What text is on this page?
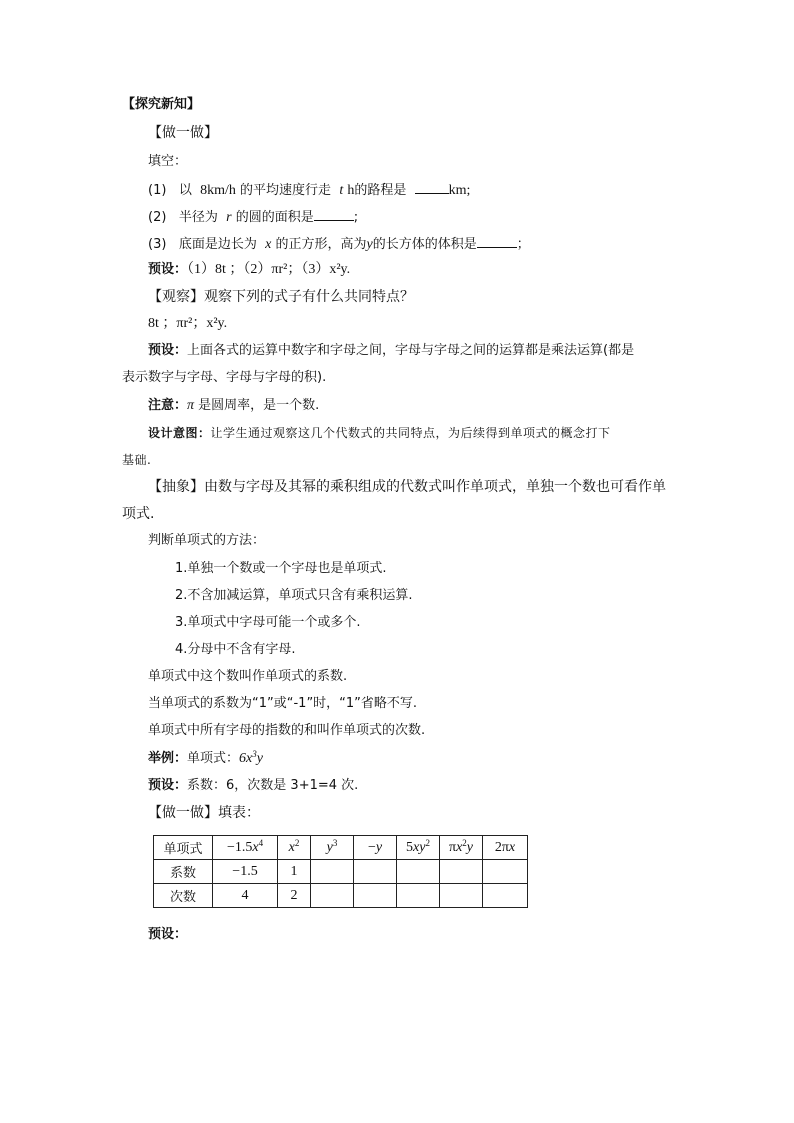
【探究新知】
【做一做】
填空：
(1) 以 8km/h 的平均速度行走 t h的路程是	km;
(2) 半径为 r 的圆的面积是	;
(3) 底面是边长为 x 的正方形，高为y的长方体的体积是	；
预设：（1）8t ；（2）πr²；（3）x²y.
【观察】观察下列的式子有什么共同特点？
8t ；πr²；x²y.
预设：上面各式的运算中数字和字母之间，字母与字母之间的运算都是乘法运算(都是
表示数字与字母、字母与字母的积).
注意：π 是圆周率，是一个数.
设计意图：让学生通过观察这几个代数式的共同特点，为后续得到单项式的概念打下
基础.
【抽象】由数与字母及其幂的乘积组成的代数式叫作单项式，单独一个数也可看作单
项式.
判断单项式的方法：
1.单独一个数或一个字母也是单项式.
2.不含加减运算，单项式只含有乘积运算.
3.单项式中字母可能一个或多个.
4.分母中不含有字母.
单项式中这个数叫作单项式的系数.
当单项式的系数为“1”或“-1”时，“1”省略不写.
单项式中所有字母的指数的和叫作单项式的次数.
举例：单项式：$6x^3y$
预设：系数：6，次数是 3+1=4 次.
【做一做】填表：
单项式	$-1.5x^4$	$x^2$	$y^3$	−y	$5xy^2$	$\pi x^2y$	2πx
系数	−1.5	1					
次数	4	2					
预设：
